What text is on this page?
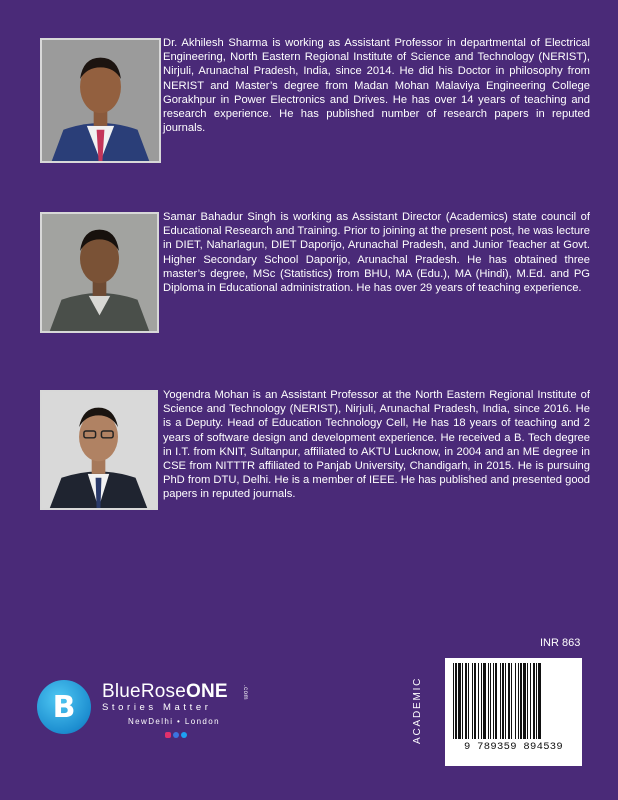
Dr. Akhilesh Sharma is working as Assistant Professor in departmental of Electrical Engineering, North Eastern Regional Institute of Science and Technology (NERIST), Nirjuli, Arunachal Pradesh, India, since 2014. He did his Doctor in philosophy from NERIST and Master’s degree from Madan Mohan Malaviya Engineering College Gorakhpur in Power Electronics and Drives. He has over 14 years of teaching and research experience. He has published number of research papers in reputed journals.

Samar Bahadur Singh is working as Assistant Director (Academics) state council of Educational Research and Training. Prior to joining at the present post, he was lecture in DIET, Naharlagun, DIET Daporijo, Arunachal Pradesh, and Junior Teacher at Govt. Higher Secondary School Daporijo, Arunachal Pradesh. He has obtained three master’s degree, MSc (Statistics) from BHU, MA (Edu.), MA (Hindi), M.Ed. and PG Diploma in Educational administration. He has over 29 years of teaching experience.

Yogendra Mohan is an Assistant Professor at the North Eastern Regional Institute of Science and Technology (NERIST), Nirjuli, Arunachal Pradesh, India, since 2016. He is a Deputy. Head of Education Technology Cell, He has 18 years of teaching and 2 years of software design and development experience. He received a B. Tech degree in I.T. from KNIT, Sultanpur, affiliated to AKTU Lucknow, in 2004 and an ME degree in CSE from NITTTR affiliated to Panjab University, Chandigarh, in 2015. He is pursuing PhD from DTU, Delhi. He is a member of IEEE. He has published and presented good papers in reputed journals.

B BlueRoseONE .com
Stories Matter
NewDelhi • London
INR 863
ACADEMIC
9 789359 894539
www.BlueRoseOne.com
